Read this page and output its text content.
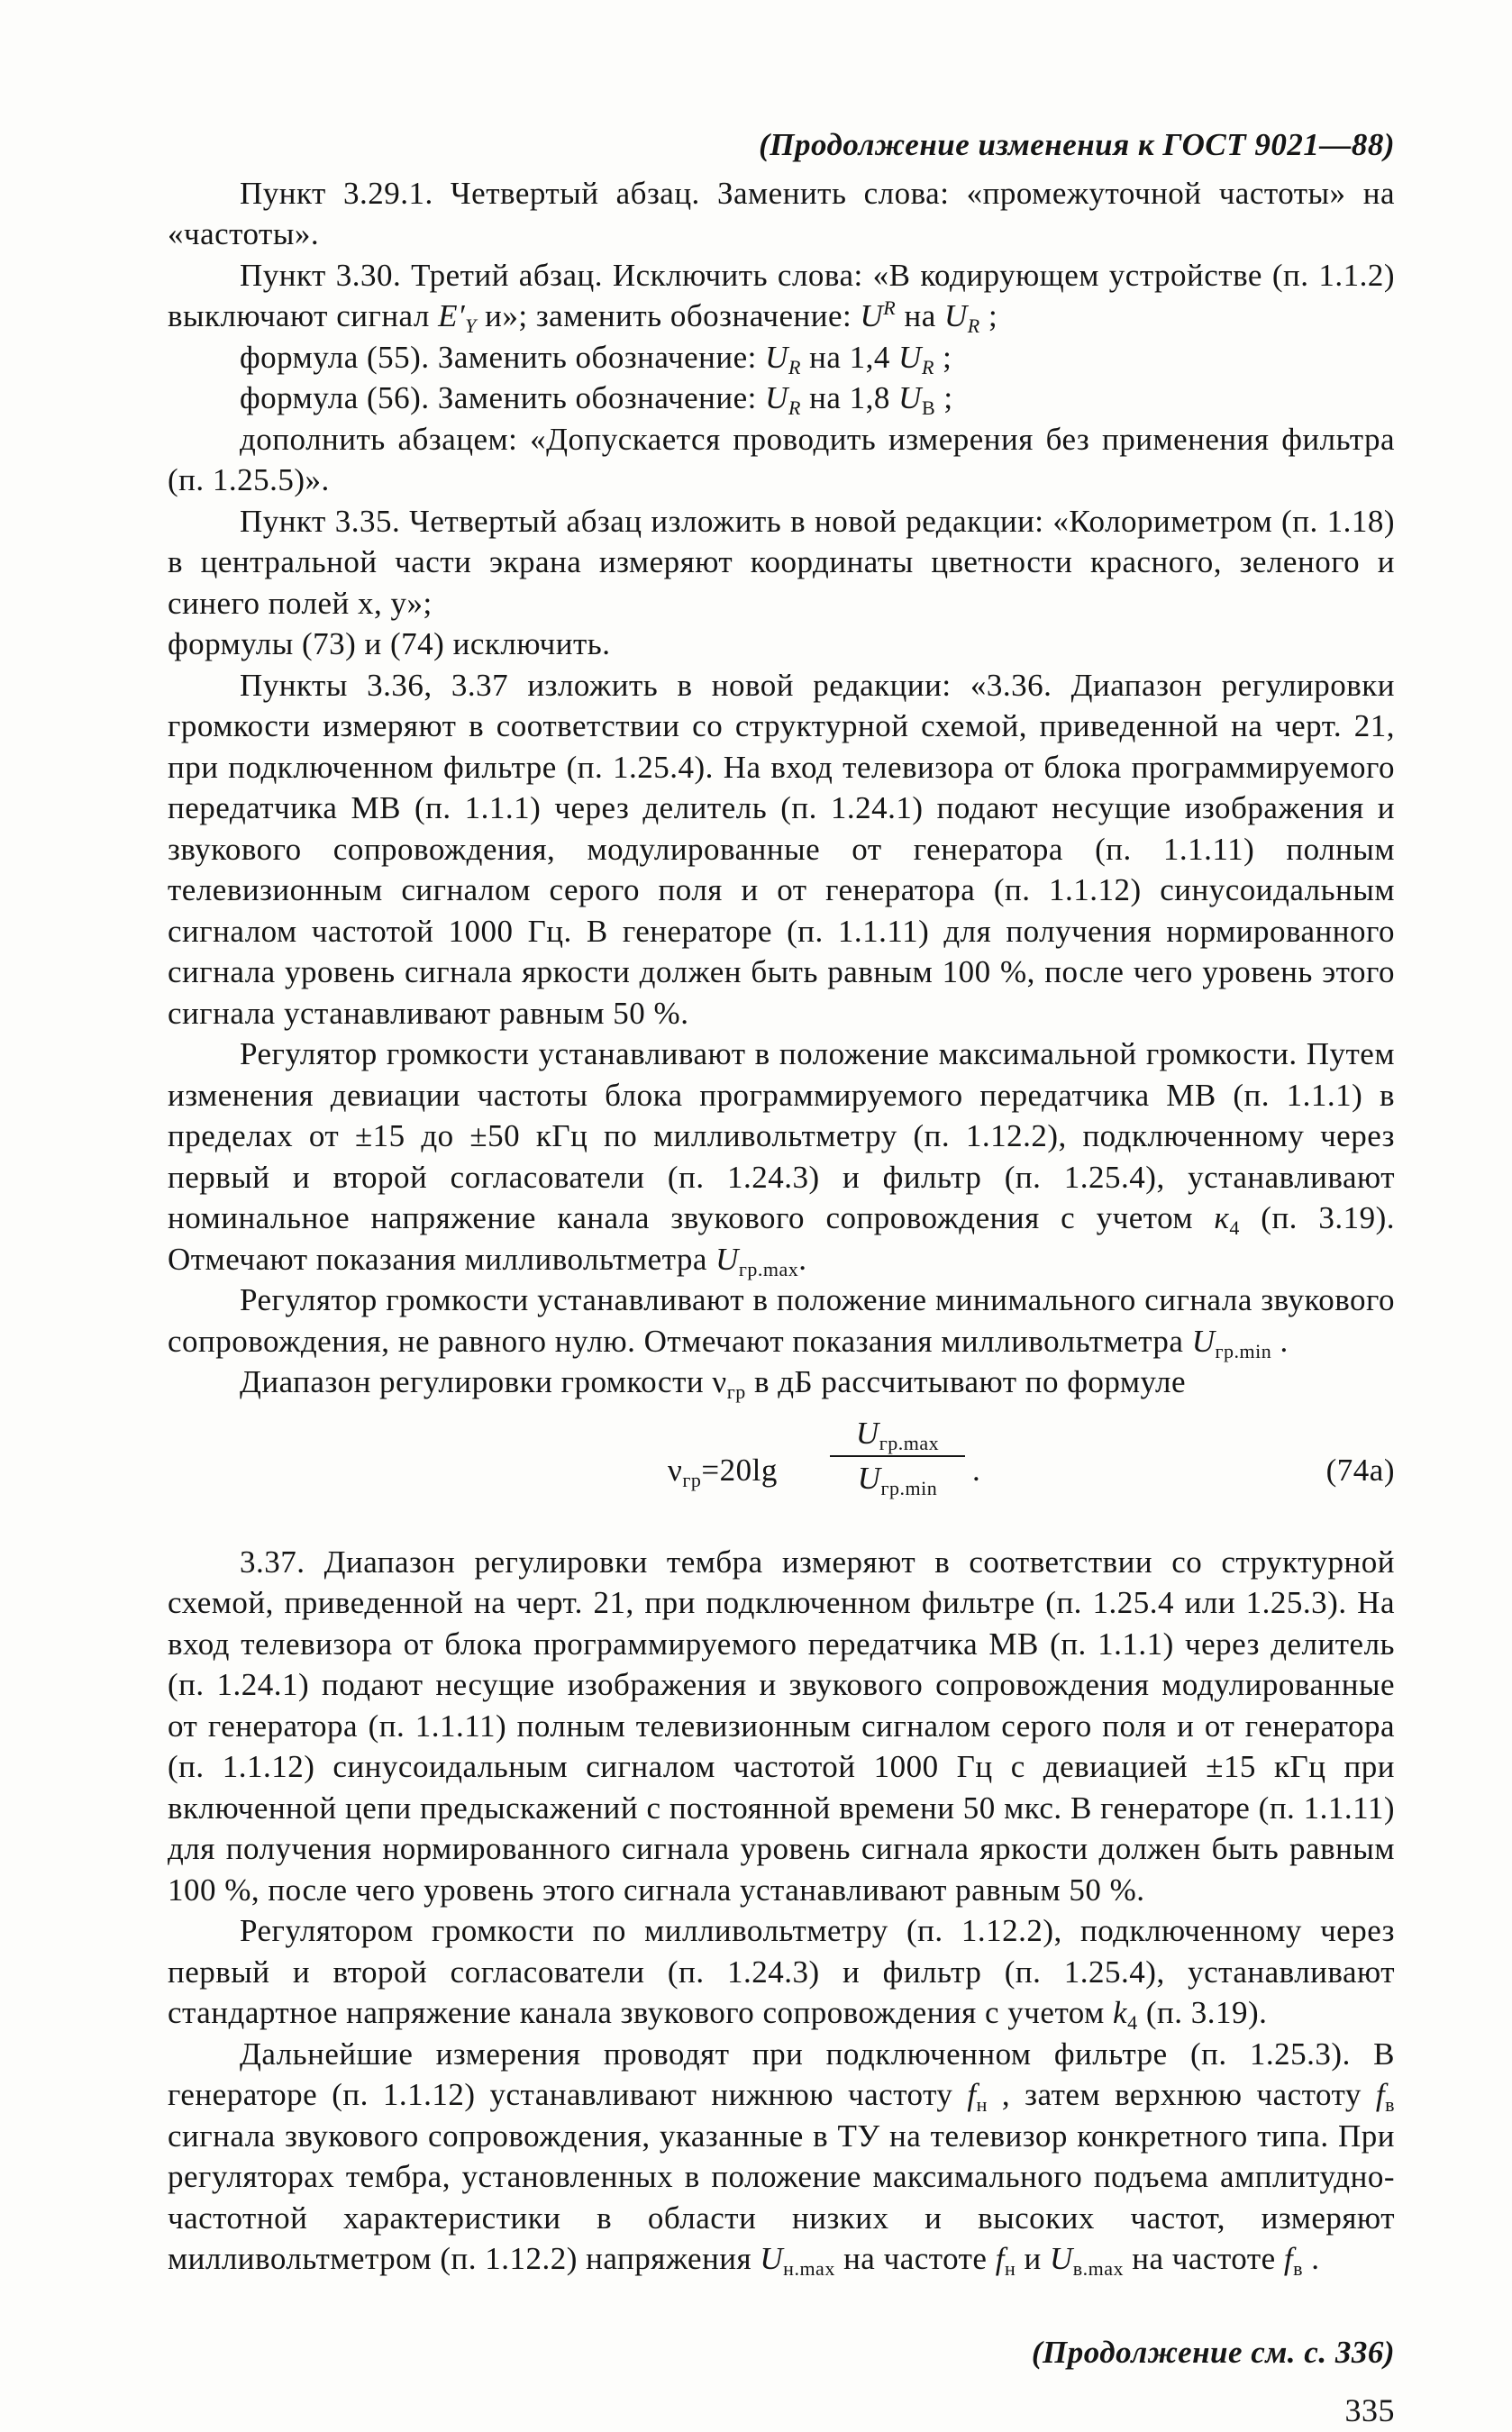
(Продолжение изменения к ГОСТ 9021—88)

Пункт 3.29.1. Четвертый абзац. Заменить слова: «промежуточной частоты» на «частоты».

Пункт 3.30. Третий абзац. Исключить слова: «В кодирующем устройстве (п. 1.1.2) выключают сигнал $E'_Y$ и»; заменить обозначение: $U^R$ на $U_R$ ;

формула (55). Заменить обозначение: $U_R$ на 1,4 $U_R$ ;

формула (56). Заменить обозначение: $U_R$ на 1,8 $U_B$ ;

дополнить абзацем: «Допускается проводить измерения без применения фильтра (п. 1.25.5)».

Пункт 3.35. Четвертый абзац изложить в новой редакции: «Колориметром (п. 1.18) в центральной части экрана измеряют координаты цветности красного, зеленого и синего полей x, y»;

формулы (73) и (74) исключить.

Пункты 3.36, 3.37 изложить в новой редакции: «3.36. Диапазон регулировки громкости измеряют в соответствии со структурной схемой, приведенной на черт. 21, при подключенном фильтре (п. 1.25.4). На вход телевизора от блока программируемого передатчика МВ (п. 1.1.1) через делитель (п. 1.24.1) подают несущие изображения и звукового сопровождения, модулированные от генератора (п. 1.1.11) полным телевизионным сигналом серого поля и от генератора (п. 1.1.12) синусоидальным сигналом частотой 1000 Гц. В генераторе (п. 1.1.11) для получения нормированного сигнала уровень сигнала яркости должен быть равным 100 %, после чего уровень этого сигнала устанавливают равным 50 %.

Регулятор громкости устанавливают в положение максимальной громкости. Путем изменения девиации частоты блока программируемого передатчика МВ (п. 1.1.1) в пределах от ±15 до ±50 кГц по милливольтметру (п. 1.12.2), подключенному через первый и второй согласователи (п. 1.24.3) и фильтр (п. 1.25.4), устанавливают номинальное напряжение канала звукового сопровождения с учетом $к_4$ (п. 3.19). Отмечают показания милливольтметра $U_{гр.max}$.

Регулятор громкости устанавливают в положение минимального сигнала звукового сопровождения, не равного нулю. Отмечают показания милливольтметра $U_{гр.min}$ .

Диапазон регулировки громкости $\nu_{гр}$ в дБ рассчитывают по формуле

$\nu_{гр}=20\lg$
$U_{гр.max}$
$U_{гр.min}$
.	(74а)

3.37. Диапазон регулировки тембра измеряют в соответствии со структурной схемой, приведенной на черт. 21, при подключенном фильтре (п. 1.25.4 или 1.25.3). На вход телевизора от блока программируемого передатчика МВ (п. 1.1.1) через делитель (п. 1.24.1) подают несущие изображения и звукового сопровождения модулированные от генератора (п. 1.1.11) полным телевизионным сигналом серого поля и от генератора (п. 1.1.12) синусоидальным сигналом частотой 1000 Гц с девиацией ±15 кГц при включенной цепи предыскажений с постоянной времени 50 мкс. В генераторе (п. 1.1.11) для получения нормированного сигнала уровень сигнала яркости должен быть равным 100 %, после чего уровень этого сигнала устанавливают равным 50 %.

Регулятором громкости по милливольтметру (п. 1.12.2), подключенному через первый и второй согласователи (п. 1.24.3) и фильтр (п. 1.25.4), устанавливают стандартное напряжение канала звукового сопровождения с учетом $k_4$ (п. 3.19).

Дальнейшие измерения проводят при подключенном фильтре (п. 1.25.3). В генераторе (п. 1.1.12) устанавливают нижнюю частоту $f_н$ , затем верхнюю частоту $f_в$ сигнала звукового сопровождения, указанные в ТУ на телевизор конкретного типа. При регуляторах тембра, установленных в положение максимального подъема амплитудно-частотной характеристики в области низких и высоких частот, измеряют милливольтметром (п. 1.12.2) напряжения $U_{н.max}$ на частоте $f_н$ и $U_{в.max}$ на частоте $f_в$ .

(Продолжение см. с. 336)
335
